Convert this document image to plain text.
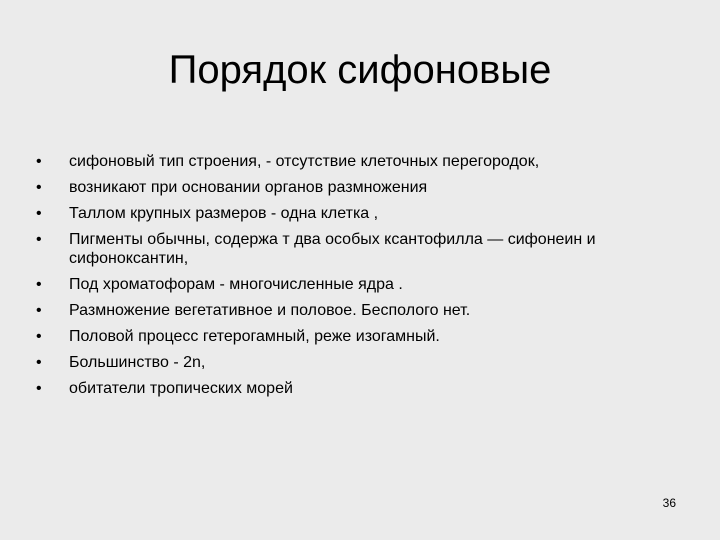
Порядок сифоновые
•	сифоновый тип строения, - отсутствие клеточных перегородок,
•	возникают при основании органов размножения
•	Таллом крупных размеров - одна клетка ,
•	Пигменты обычны, содержа т два особых ксантофилла — сифонеин и сифоноксантин,
•	Под хроматофорам - многочисленные ядра .
•	Размножение вегетативное и половое. Бесполого нет.
•	Половой процесс гетерогамный, реже изогамный.
•	Большинство - 2n,
•	обитатели тропических морей
36
